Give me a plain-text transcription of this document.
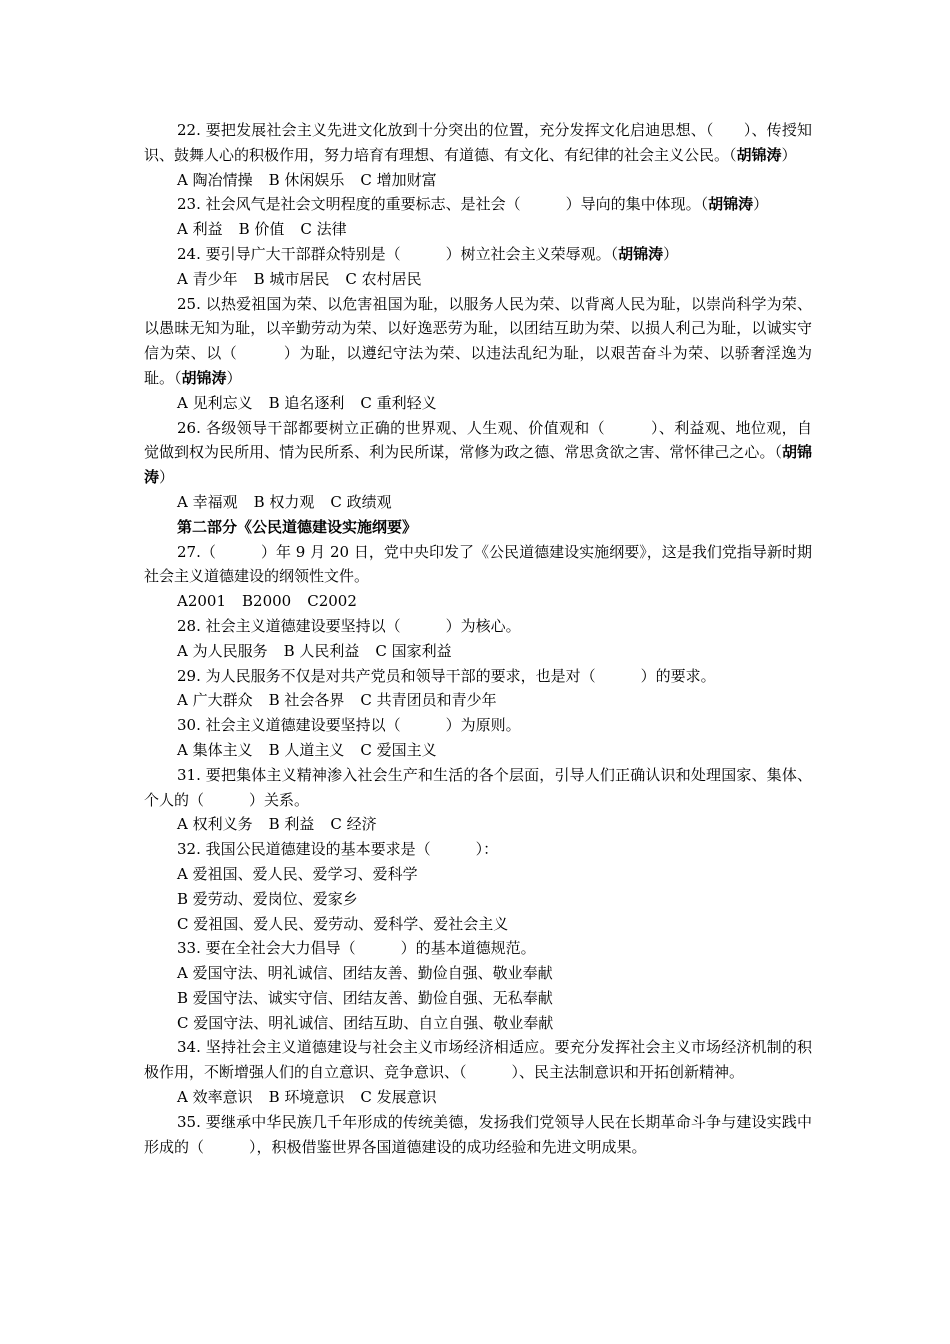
22. 要把发展社会主义先进文化放到十分突出的位置，充分发挥文化启迪思想、（　　）、传授知识、鼓舞人心的积极作用，努力培育有理想、有道德、有文化、有纪律的社会主义公民。（胡锦涛）

A 陶冶情操 B 休闲娱乐 C 增加财富

23. 社会风气是社会文明程度的重要标志、是社会（　　　）导向的集中体现。（胡锦涛）

A 利益 B 价值 C 法律

24. 要引导广大干部群众特别是（　　　）树立社会主义荣辱观。（胡锦涛）

A 青少年 B 城市居民 C 农村居民

25. 以热爱祖国为荣、以危害祖国为耻，以服务人民为荣、以背离人民为耻，以崇尚科学为荣、以愚昧无知为耻，以辛勤劳动为荣、以好逸恶劳为耻，以团结互助为荣、以损人利己为耻，以诚实守信为荣、以（　　　）为耻，以遵纪守法为荣、以违法乱纪为耻，以艰苦奋斗为荣、以骄奢淫逸为耻。（胡锦涛）

A 见利忘义 B 追名逐利 C 重利轻义

26. 各级领导干部都要树立正确的世界观、人生观、价值观和（　　　）、利益观、地位观，自觉做到权为民所用、情为民所系、利为民所谋，常修为政之德、常思贪欲之害、常怀律己之心。（胡锦涛）

A 幸福观 B 权力观 C 政绩观

第二部分《公民道德建设实施纲要》

27.（　　　）年 9 月 20 日，党中央印发了《公民道德建设实施纲要》，这是我们党指导新时期社会主义道德建设的纲领性文件。

A2001 B2000 C2002

28. 社会主义道德建设要坚持以（　　　）为核心。

A 为人民服务 B 人民利益 C 国家利益

29. 为人民服务不仅是对共产党员和领导干部的要求，也是对（　　　）的要求。

A 广大群众 B 社会各界 C 共青团员和青少年

30. 社会主义道德建设要坚持以（　　　）为原则。

A 集体主义 B 人道主义 C 爱国主义

31. 要把集体主义精神渗入社会生产和生活的各个层面，引导人们正确认识和处理国家、集体、个人的（　　　）关系。

A 权利义务 B 利益 C 经济

32. 我国公民道德建设的基本要求是（　　　）：

A 爱祖国、爱人民、爱学习、爱科学

B 爱劳动、爱岗位、爱家乡

C 爱祖国、爱人民、爱劳动、爱科学、爱社会主义

33. 要在全社会大力倡导（　　　）的基本道德规范。

A 爱国守法、明礼诚信、团结友善、勤俭自强、敬业奉献

B 爱国守法、诚实守信、团结友善、勤俭自强、无私奉献

C 爱国守法、明礼诚信、团结互助、自立自强、敬业奉献

34. 坚持社会主义道德建设与社会主义市场经济相适应。要充分发挥社会主义市场经济机制的积极作用，不断增强人们的自立意识、竞争意识、（　　　）、民主法制意识和开拓创新精神。

A 效率意识 B 环境意识 C 发展意识

35. 要继承中华民族几千年形成的传统美德，发扬我们党领导人民在长期革命斗争与建设实践中形成的（　　　），积极借鉴世界各国道德建设的成功经验和先进文明成果。
